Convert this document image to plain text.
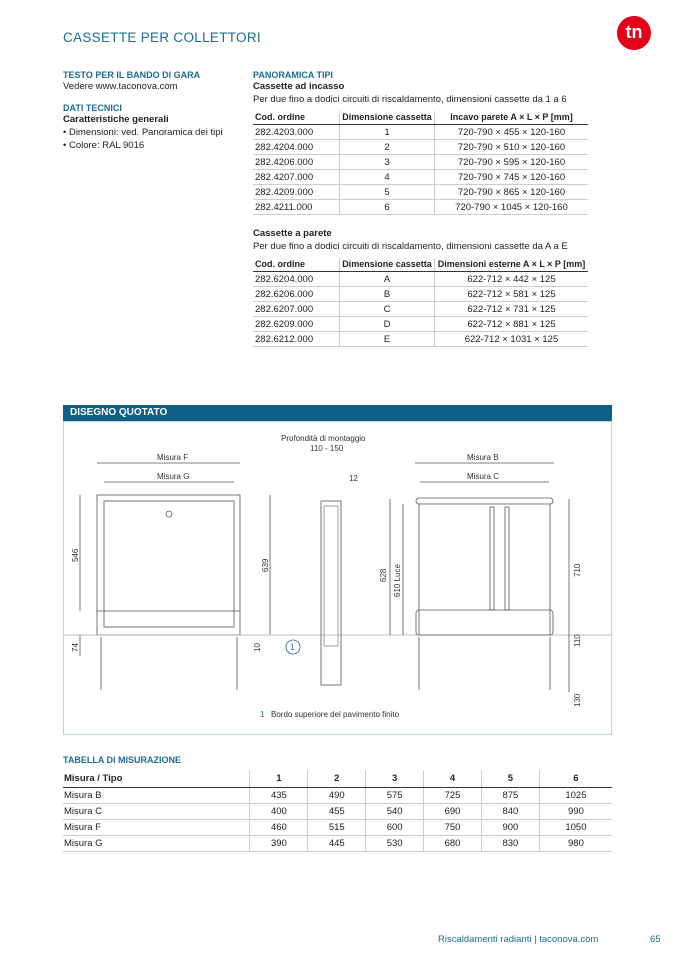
CASSETTE PER COLLETTORI	tn
TESTO PER IL BANDO DI GARA
Vedere www.taconova.com
DATI TECNICI
Caratteristiche generali
• Dimensioni: ved. Panoramica dei tipi
• Colore: RAL 9016
PANORAMICA TIPI
Cassette ad incasso
Per due fino a dodici circuiti di riscaldamento, dimensioni cassette da 1 a 6
Cod. ordine	Dimensione cassetta	Incavo parete A × L × P [mm]
282.4203.000	1	720-790 × 455 × 120-160
282.4204.000	2	720-790 × 510 × 120-160
282.4206.000	3	720-790 × 595 × 120-160
282.4207.000	4	720-790 × 745 × 120-160
282.4209.000	5	720-790 × 865 × 120-160
282.4211.000	6	720-790 × 1045 × 120-160
Cassette a parete
Per due fino a dodici circuiti di riscaldamento, dimensioni cassette da A a E
Cod. ordine	Dimensione cassetta	Dimensioni esterne A × L × P [mm]
282.6204.000	A	622-712 × 442 × 125
282.6206.000	B	622-712 × 581 × 125
282.6207.000	C	622-712 × 731 × 125
282.6209.000	D	622-712 × 881 × 125
282.6212.000	E	622-712 × 1031 × 125
DISEGNO QUOTATO
Profondità di montaggio
110 - 150
Misura F
Misura G
546
74
639
10	1
12
Misura B
Misura C
628 610 Luce	710
110
130
1 Bordo superiore del pavimento finito
TABELLA DI MISURAZIONE
Misura / Tipo	1	2	3	4	5	6
Misura B	435	490	575	725	875	1025
Misura C	400	455	540	690	840	990
Misura F	460	515	600	750	900	1050
Misura G	390	445	530	680	830	980
Riscaldamenti radianti | taconova.com	65
